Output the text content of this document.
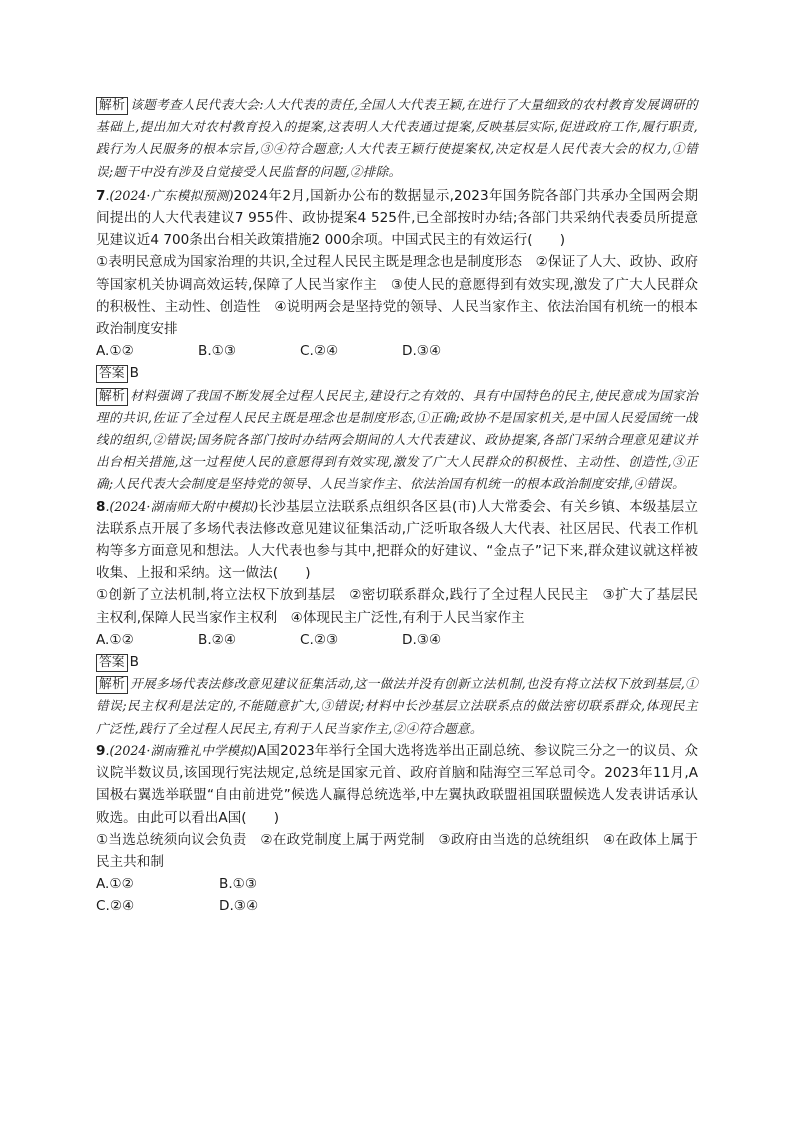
解析 该题考查人民代表大会:人大代表的责任,全国人大代表王颖,在进行了大量细致的农村教育发展调研的基础上,提出加大对农村教育投入的提案,这表明人大代表通过提案,反映基层实际,促进政府工作,履行职责,践行为人民服务的根本宗旨,③④符合题意;人大代表王颖行使提案权,决定权是人民代表大会的权力,①错误;题干中没有涉及自觉接受人民监督的问题,②排除。

7.(2024·广东模拟预测)2024年2月,国新办公布的数据显示,2023年国务院各部门共承办全国两会期间提出的人大代表建议7 955件、政协提案4 525件,已全部按时办结;各部门共采纳代表委员所提意见建议近4 700条出台相关政策措施2 000余项。中国式民主的有效运行(　　)

①表明民意成为国家治理的共识,全过程人民民主既是理念也是制度形态　②保证了人大、政协、政府等国家机关协调高效运转,保障了人民当家作主　③使人民的意愿得到有效实现,激发了广大人民群众的积极性、主动性、创造性　④说明两会是坚持党的领导、人民当家作主、依法治国有机统一的根本政治制度安排

A.①②	B.①③	C.②④	D.③④

答案 B

解析 材料强调了我国不断发展全过程人民民主,建设行之有效的、具有中国特色的民主,使民意成为国家治理的共识,佐证了全过程人民民主既是理念也是制度形态,①正确;政协不是国家机关,是中国人民爱国统一战线的组织,②错误;国务院各部门按时办结两会期间的人大代表建议、政协提案,各部门采纳合理意见建议并出台相关措施,这一过程使人民的意愿得到有效实现,激发了广大人民群众的积极性、主动性、创造性,③正确;人民代表大会制度是坚持党的领导、人民当家作主、依法治国有机统一的根本政治制度安排,④错误。

8.(2024·湖南师大附中模拟)长沙基层立法联系点组织各区县(市)人大常委会、有关乡镇、本级基层立法联系点开展了多场代表法修改意见建议征集活动,广泛听取各级人大代表、社区居民、代表工作机构等多方面意见和想法。人大代表也参与其中,把群众的好建议、“金点子”记下来,群众建议就这样被收集、上报和采纳。这一做法(　　)

①创新了立法机制,将立法权下放到基层　②密切联系群众,践行了全过程人民民主　③扩大了基层民主权利,保障人民当家作主权利　④体现民主广泛性,有利于人民当家作主

A.①②	B.②④	C.②③	D.③④

答案 B

解析 开展多场代表法修改意见建议征集活动,这一做法并没有创新立法机制,也没有将立法权下放到基层,①错误;民主权利是法定的,不能随意扩大,③错误;材料中长沙基层立法联系点的做法密切联系群众,体现民主广泛性,践行了全过程人民民主,有利于人民当家作主,②④符合题意。

9.(2024·湖南雅礼中学模拟)A国2023年举行全国大选将选举出正副总统、参议院三分之一的议员、众议院半数议员,该国现行宪法规定,总统是国家元首、政府首脑和陆海空三军总司令。2023年11月,A国极右翼选举联盟“自由前进党”候选人赢得总统选举,中左翼执政联盟祖国联盟候选人发表讲话承认败选。由此可以看出A国(　　)

①当选总统须向议会负责　②在政党制度上属于两党制　③政府由当选的总统组织　④在政体上属于民主共和制

A.①②	B.①③
C.②④	D.③④
